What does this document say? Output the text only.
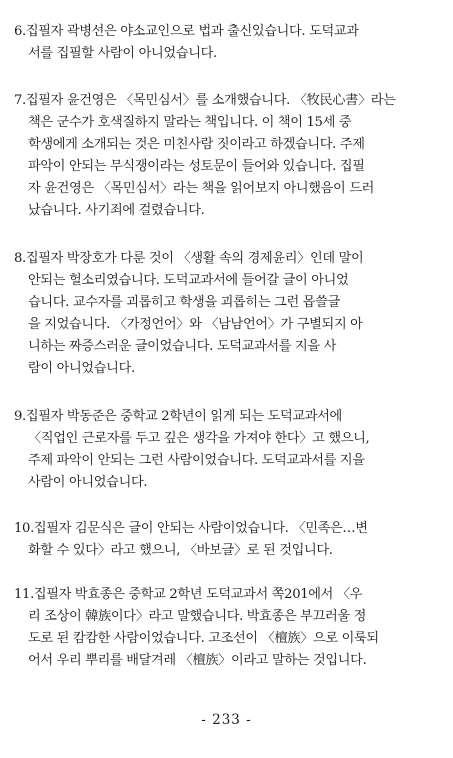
6.집필자 곽병선은 야소교인으로 법과 출신있습니다. 도덕교과
서를 집필할 사람이 아니었습니다.
7.집필자 윤건영은 〈목민심서〉를 소개했습니다. 〈牧民心書〉라는
책은 군수가 호색질하지 말라는 책입니다. 이 책이 15세 중
학생에게 소개되는 것은 미친사람 짓이라고 하겠습니다. 주제
파악이 안되는 무식쟁이라는 성토문이 들어와 있습니다. 집필
자 윤건영은 〈목민심서〉라는 책을 읽어보지 아니했음이 드러
났습니다. 사기죄에 걸렸습니다.
8.집필자 박장호가 다룬 것이 〈생활 속의 경제윤리〉인데 말이
안되는 헐소리였습니다. 도덕교과서에 들어갈 글이 아니었
습니다. 교수자를 괴롭히고 학생을 괴롭히는 그런 몹쓸글
을 지었습니다. 〈가정언어〉와 〈남남언어〉가 구별되지 아
니하는 짜증스러운 글이었습니다. 도덕교과서를 지을 사
람이 아니었습니다.
9.집필자 박동준은 중학교 2학년이 읽게 되는 도덕교과서에
〈직업인 근로자를 두고 깊은 생각을 가져야 한다〉고 했으니,
주제 파악이 안되는 그런 사람이었습니다. 도덕교과서를 지을
사람이 아니었습니다.
10.집필자 김문식은 글이 안되는 사람이었습니다. 〈민족은…변
화할 수 있다〉라고 했으니, 〈바보글〉로 된 것입니다.
11.집필자 박효종은 중학교 2학년 도덕교과서 쪽201에서 〈우
리 조상이 韓族이다〉라고 말했습니다. 박효종은 부끄러울 정
도로 된 캄캄한 사람이었습니다. 고조선이 〈檀族〉으로 이룩되
어서 우리 뿌리를 배달겨레 〈檀族〉이라고 말하는 것입니다.
- 233 -
